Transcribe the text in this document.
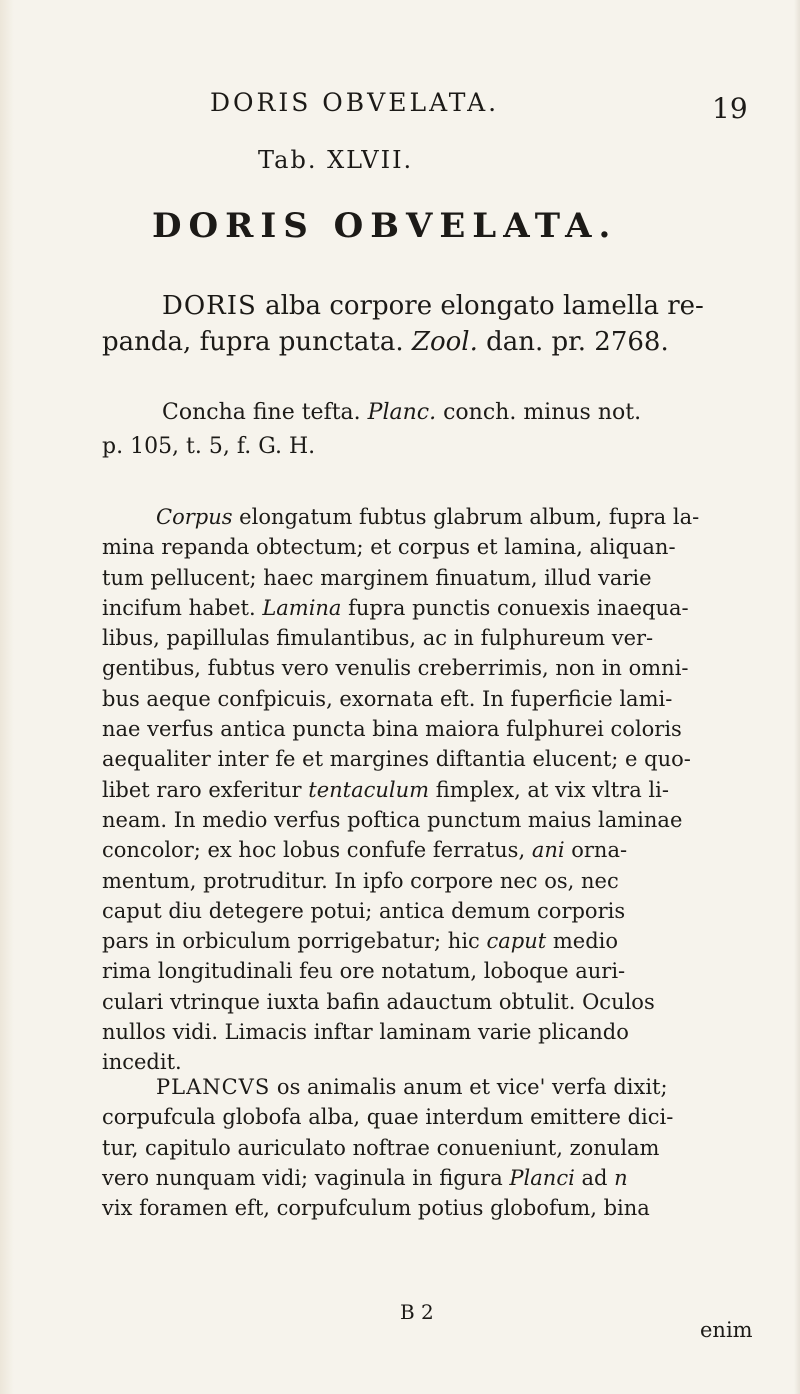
DORIS OBVELATA.	19
Tab. XLVII.
DORIS OBVELATA.
DORIS alba corpore elongato lamella re-
panda, fupra punctata. Zool. dan. pr. 2768.
Concha fine tefta. Planc. conch. minus not.
p. 105, t. 5, f. G. H.
Corpus elongatum fubtus glabrum album, fupra la-
mina repanda obtectum; et corpus et lamina, aliquan-
tum pellucent; haec marginem finuatum, illud varie
incifum habet. Lamina fupra punctis conuexis inaequa-
libus, papillulas fimulantibus, ac in fulphureum ver-
gentibus, fubtus vero venulis creberrimis, non in omni-
bus aeque confpicuis, exornata eft. In fuperficie lami-
nae verfus antica puncta bina maiora fulphurei coloris
aequaliter inter fe et margines diftantia elucent; e quo-
libet raro exferitur tentaculum fimplex, at vix vltra li-
neam. In medio verfus poftica punctum maius laminae
concolor; ex hoc lobus confufe ferratus, ani orna-
mentum, protruditur. In ipfo corpore nec os, nec
caput diu detegere potui; antica demum corporis
pars in orbiculum porrigebatur; hic caput medio
rima longitudinali feu ore notatum, loboque auri-
culari vtrinque iuxta bafin adauctum obtulit. Oculos
nullos vidi. Limacis inftar laminam varie plicando
incedit.
PLANCVS os animalis anum et vice' verfa dixit;
corpufcula globofa alba, quae interdum emittere dici-
tur, capitulo auriculato noftrae conueniunt, zonulam
vero nunquam vidi; vaginula in figura Planci ad n
vix foramen eft, corpufculum potius globofum, bina
B 2
enim
